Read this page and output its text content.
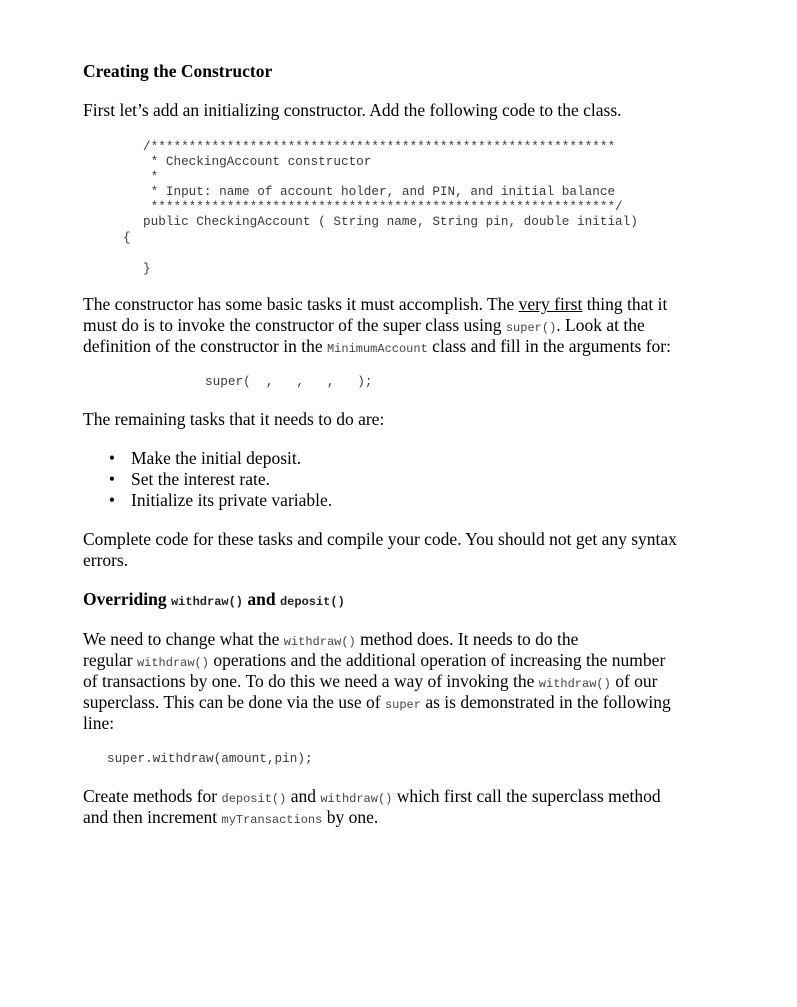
Creating the Constructor
First let’s add an initializing constructor. Add the following code to the class.
/*************************************************************
* CheckingAccount constructor
*
* Input: name of account holder, and PIN, and initial balance
*************************************************************/
public CheckingAccount ( String name, String pin, double initial)
{
}
The constructor has some basic tasks it must accomplish. The very first thing that it
must do is to invoke the constructor of the super class using super(). Look at the
definition of the constructor in the MinimumAccount class and fill in the arguments for:
super(  ,   ,   ,   );
The remaining tasks that it needs to do are:
• Make the initial deposit.
• Set the interest rate.
• Initialize its private variable.
Complete code for these tasks and compile your code. You should not get any syntax
errors.
Overriding withdraw() and deposit()
We need to change what the withdraw() method does. It needs to do the
regular withdraw() operations and the additional operation of increasing the number
of transactions by one. To do this we need a way of invoking the withdraw() of our
superclass. This can be done via the use of super as is demonstrated in the following
line:
super.withdraw(amount,pin);
Create methods for deposit() and withdraw() which first call the superclass method
and then increment myTransactions by one.
